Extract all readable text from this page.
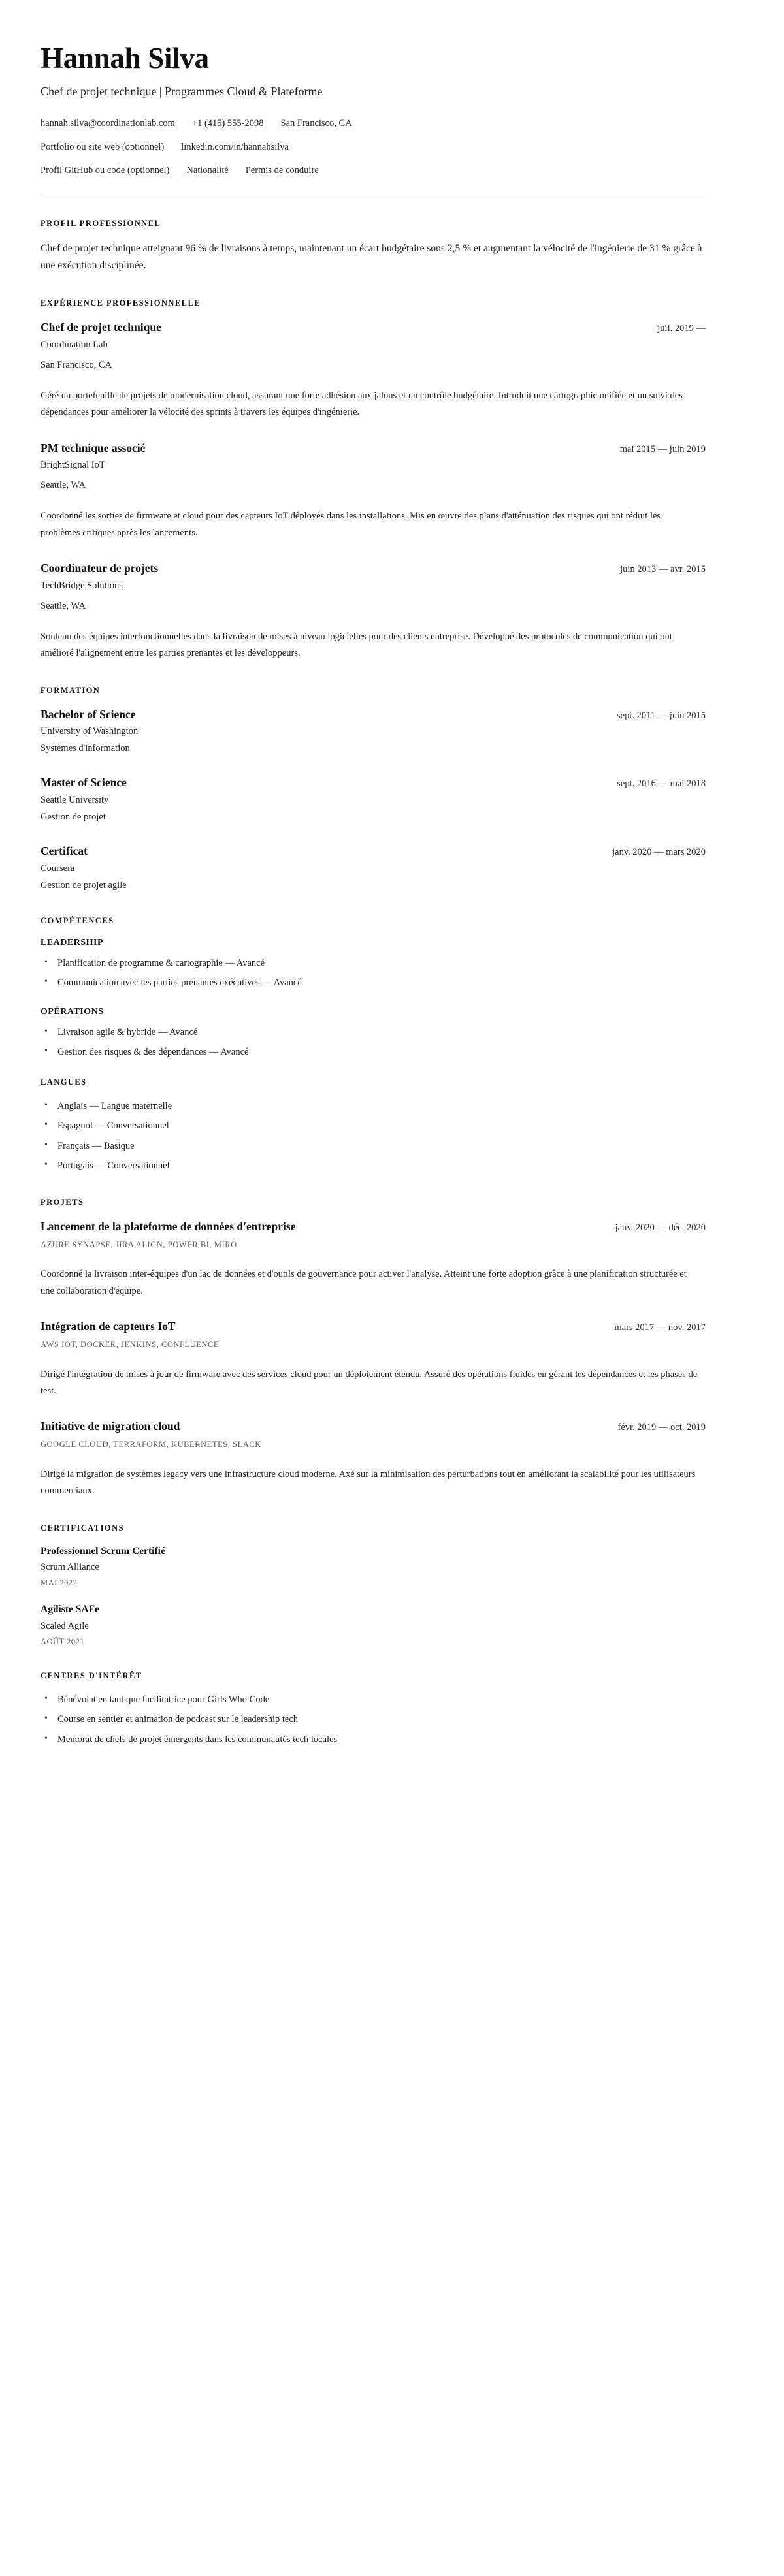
Hannah Silva
Chef de projet technique | Programmes Cloud & Plateforme
hannah.silva@coordinationlab.com +1 (415) 555-2098 San Francisco, CA
Portfolio ou site web (optionnel) linkedin.com/in/hannahsilva
Profil GitHub ou code (optionnel) Nationalité Permis de conduire
PROFIL PROFESSIONNEL

Chef de projet technique atteignant 96 % de livraisons à temps, maintenant un écart budgétaire sous 2,5 % et augmentant la vélocité de l'ingénierie de 31 % grâce à une exécution disciplinée.

EXPÉRIENCE PROFESSIONNELLE
Chef de projet technique	juil. 2019 —
Coordination Lab
San Francisco, CA
Géré un portefeuille de projets de modernisation cloud, assurant une forte adhésion aux jalons et un contrôle budgétaire. Introduit une cartographie unifiée et un suivi des dépendances pour améliorer la vélocité des sprints à travers les équipes d'ingénierie.
PM technique associé	mai 2015 — juin 2019
BrightSignal IoT
Seattle, WA
Coordonné les sorties de firmware et cloud pour des capteurs IoT déployés dans les installations. Mis en œuvre des plans d'atténuation des risques qui ont réduit les problèmes critiques après les lancements.
Coordinateur de projets	juin 2013 — avr. 2015
TechBridge Solutions
Seattle, WA
Soutenu des équipes interfonctionnelles dans la livraison de mises à niveau logicielles pour des clients entreprise. Développé des protocoles de communication qui ont amélioré l'alignement entre les parties prenantes et les développeurs.
FORMATION
Bachelor of Science	sept. 2011 — juin 2015
University of Washington
Systèmes d'information
Master of Science	sept. 2016 — mai 2018
Seattle University
Gestion de projet
Certificat	janv. 2020 — mars 2020
Coursera
Gestion de projet agile
COMPÉTENCES
LEADERSHIP
• Planification de programme & cartographie — Avancé
• Communication avec les parties prenantes exécutives — Avancé
OPÉRATIONS
• Livraison agile & hybride — Avancé
• Gestion des risques & des dépendances — Avancé
LANGUES
• Anglais — Langue maternelle
• Espagnol — Conversationnel
• Français — Basique
• Portugais — Conversationnel
PROJETS
Lancement de la plateforme de données d'entreprise	janv. 2020 — déc. 2020
AZURE SYNAPSE, JIRA ALIGN, POWER BI, MIRO
Coordonné la livraison inter-équipes d'un lac de données et d'outils de gouvernance pour activer l'analyse. Atteint une forte adoption grâce à une planification structurée et une collaboration d'équipe.
Intégration de capteurs IoT	mars 2017 — nov. 2017
AWS IOT, DOCKER, JENKINS, CONFLUENCE
Dirigé l'intégration de mises à jour de firmware avec des services cloud pour un déploiement étendu. Assuré des opérations fluides en gérant les dépendances et les phases de test.
Initiative de migration cloud	févr. 2019 — oct. 2019
GOOGLE CLOUD, TERRAFORM, KUBERNETES, SLACK
Dirigé la migration de systèmes legacy vers une infrastructure cloud moderne. Axé sur la minimisation des perturbations tout en améliorant la scalabilité pour les utilisateurs commerciaux.
CERTIFICATIONS
Professionnel Scrum Certifié
Scrum Alliance
MAI 2022
Agiliste SAFe
Scaled Agile
AOÛT 2021
CENTRES D'INTÉRÊT
• Bénévolat en tant que facilitatrice pour Girls Who Code
• Course en sentier et animation de podcast sur le leadership tech
• Mentorat de chefs de projet émergents dans les communautés tech locales
